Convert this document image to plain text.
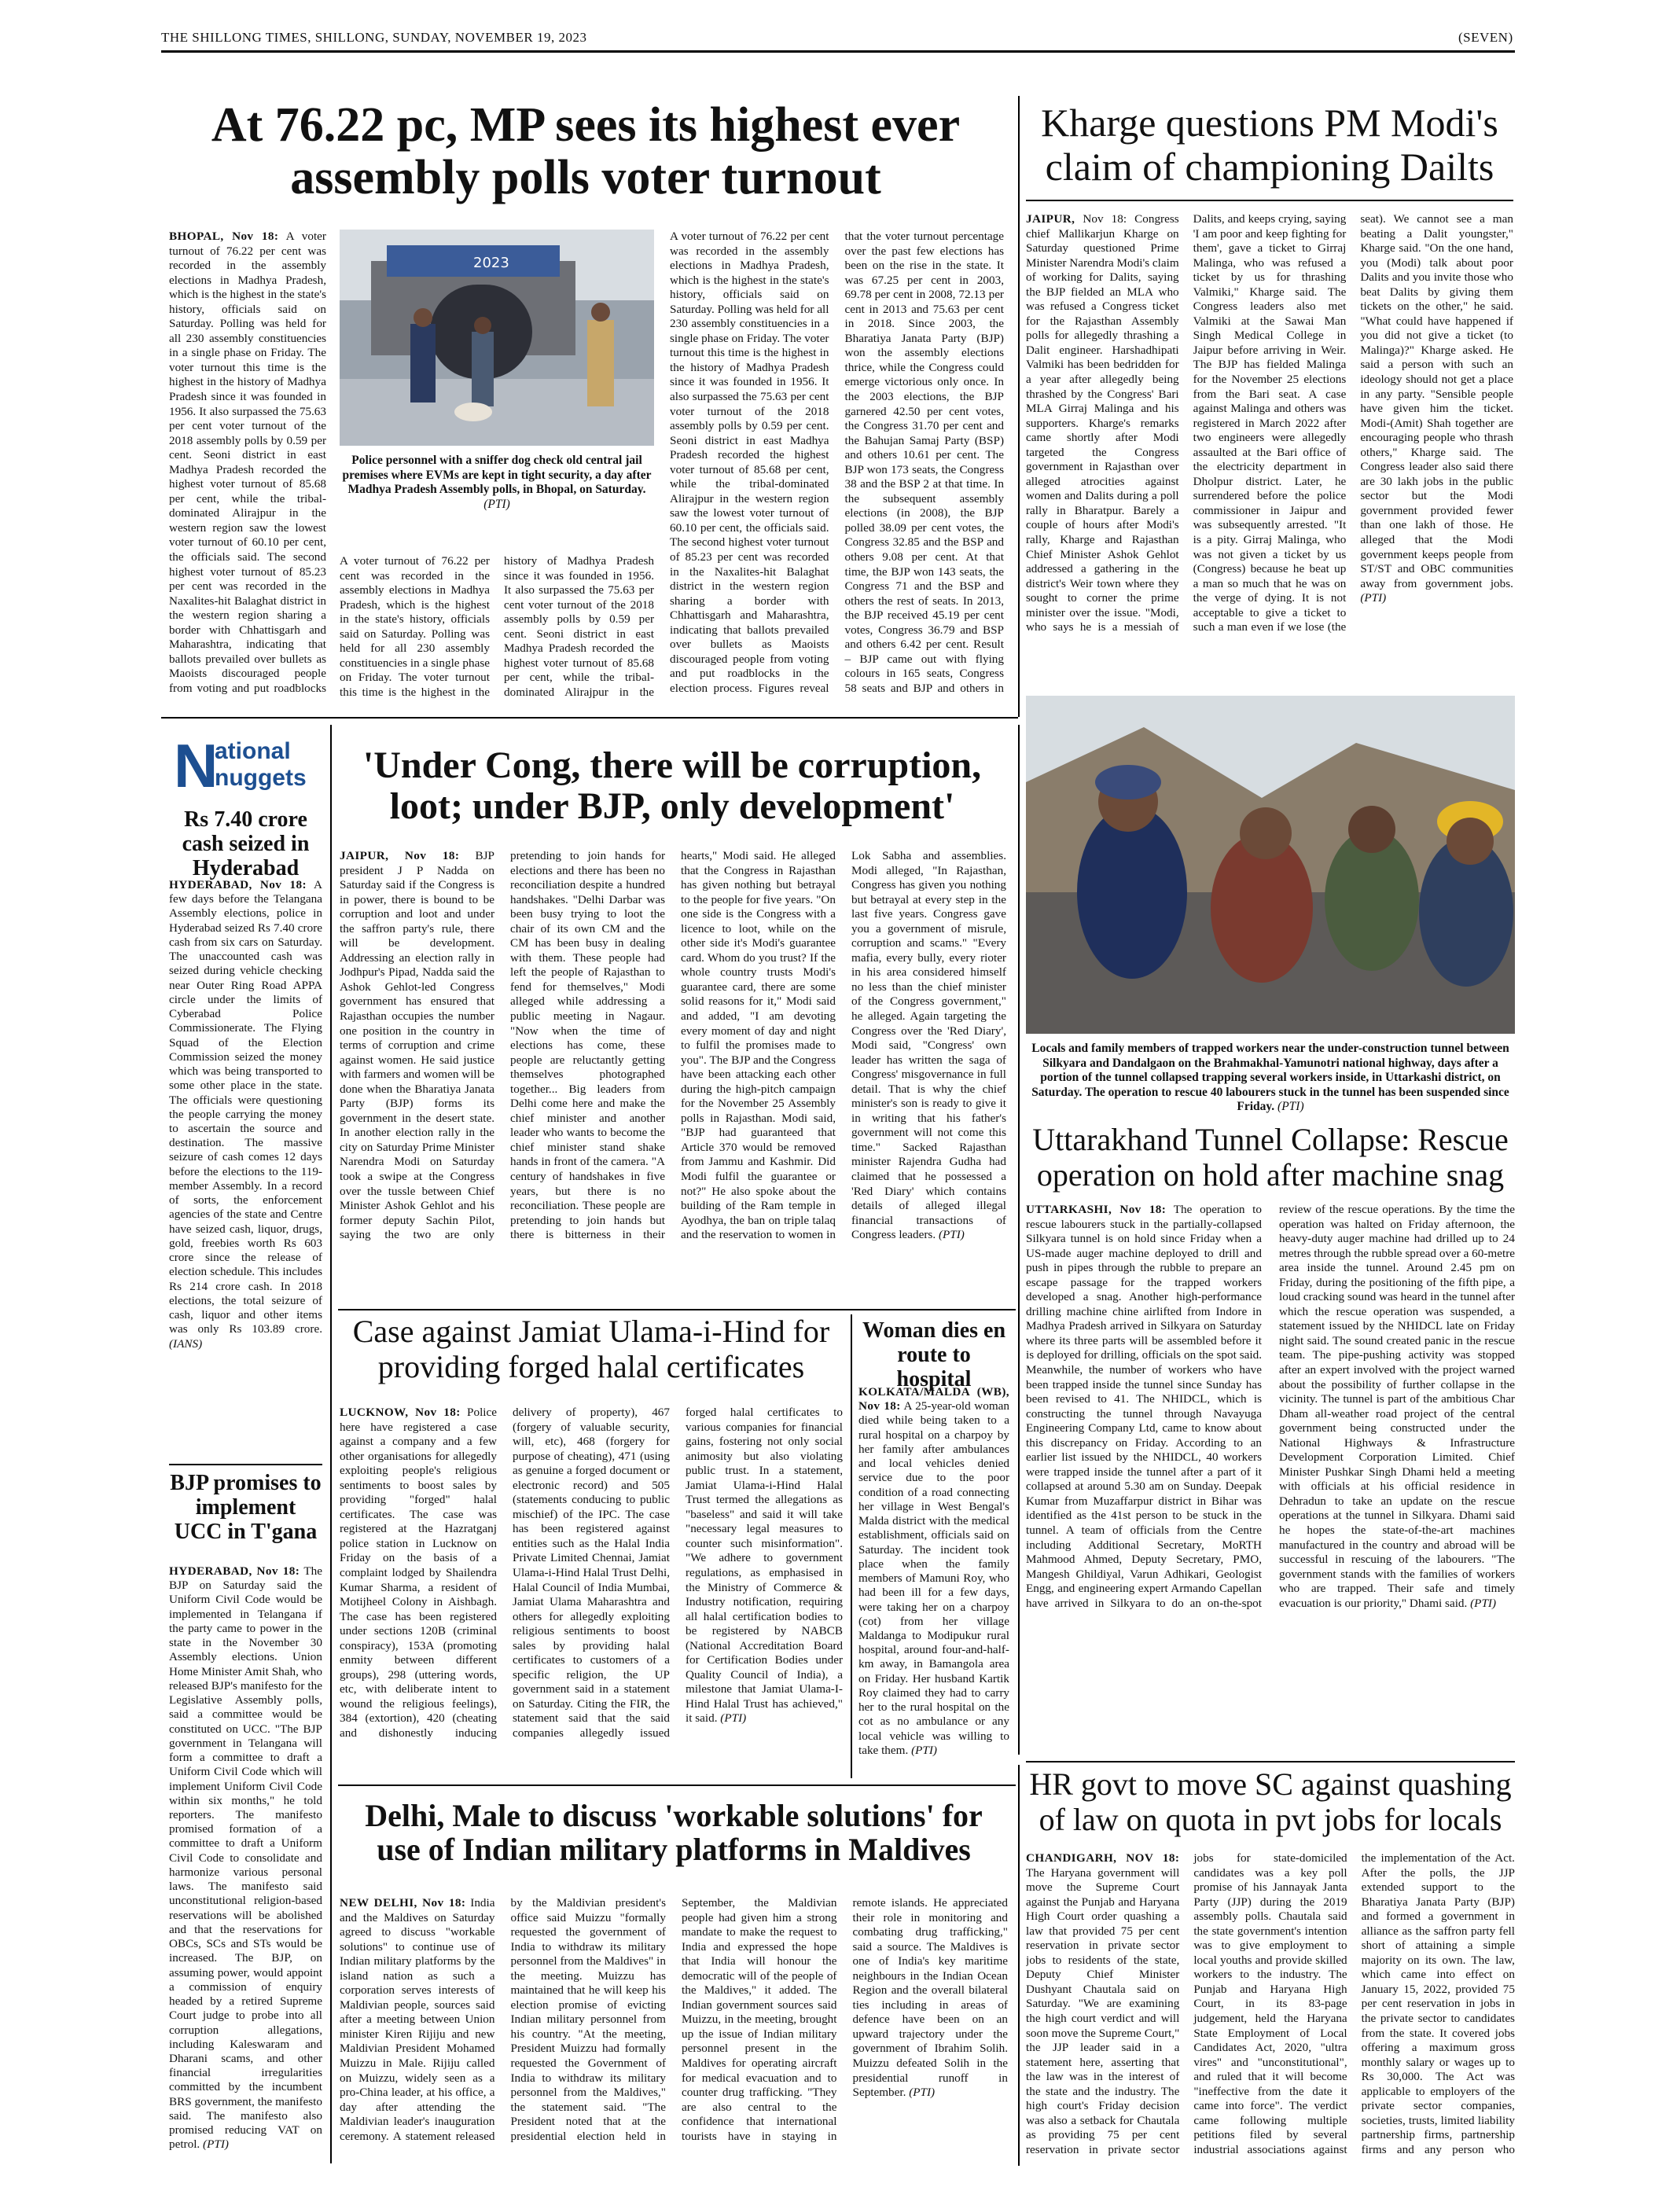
THE SHILLONG TIMES, SHILLONG, SUNDAY, NOVEMBER 19, 2023	(SEVEN)
At 76.22 pc, MP sees its highest ever assembly polls voter turnout
2023
Police personnel with a sniffer dog check old central jail premises where EVMs are kept in tight security, a day after Madhya Pradesh Assembly polls, in Bhopal, on Saturday. (PTI)

BHOPAL, Nov 18: A voter turnout of 76.22 per cent was recorded in the assembly elections in Madhya Pradesh, which is the highest in the state's history, officials said on Saturday. Polling was held for all 230 assembly constituencies in a single phase on Friday. The voter turnout this time is the highest in the history of Madhya Pradesh since it was founded in 1956. It also surpassed the 75.63 per cent voter turnout of the 2018 assembly polls by 0.59 per cent. Seoni district in east Madhya Pradesh recorded the highest voter turnout of 85.68 per cent, while the tribal-dominated Alirajpur in the western region saw the lowest voter turnout of 60.10 per cent, the officials said. The second highest voter turnout of 85.23 per cent was recorded in the Naxalites-hit Balaghat district in the western region sharing a border with Chhattisgarh and Maharashtra, indicating that ballots prevailed over bullets as Maoists discouraged people from voting and put roadblocks

A voter turnout of 76.22 per cent was recorded in the assembly elections in Madhya Pradesh, which is the highest in the state's history, officials said on Saturday. Polling was held for all 230 assembly constituencies in a single phase on Friday. The voter turnout this time is the highest in the history of Madhya Pradesh since it was founded in 1956. It also surpassed the 75.63 per cent voter turnout of the 2018 assembly polls by 0.59 per cent. Seoni district in east Madhya Pradesh recorded the highest voter turnout of 85.68 per cent, while the tribal-dominated Alirajpur in the

A voter turnout of 76.22 per cent was recorded in the assembly elections in Madhya Pradesh, which is the highest in the state's history, officials said on Saturday. Polling was held for all 230 assembly constituencies in a single phase on Friday. The voter turnout this time is the highest in the history of Madhya Pradesh since it was founded in 1956. It also surpassed the 75.63 per cent voter turnout of the 2018 assembly polls by 0.59 per cent. Seoni district in east Madhya Pradesh recorded the highest voter turnout of 85.68 per cent, while the tribal-dominated Alirajpur in the western region saw the lowest voter turnout of 60.10 per cent, the officials said. The second highest voter turnout of 85.23 per cent was recorded in the Naxalites-hit Balaghat district in the western region sharing a border with Chhattisgarh and Maharashtra, indicating that ballots prevailed over bullets as Maoists discouraged people from voting and put roadblocks in the election process. Figures reveal that the voter turnout percentage over the past few elections has been on the rise in the state. It was 67.25 per cent in 2003, 69.78 per cent in 2008, 72.13 per cent in 2013 and 75.63 per cent in 2018. Since 2003, the Bharatiya Janata Party (BJP) won the assembly elections thrice, while the Congress could emerge victorious only once. In the 2003 elections, the BJP garnered 42.50 per cent votes, the Congress 31.70 per cent and the Bahujan Samaj Party (BSP) and others 10.61 per cent. The BJP won 173 seats, the Congress 38 and the BSP 2 at that time. In the subsequent assembly elections (in 2008), the BJP polled 38.09 per cent votes, the Congress 32.85 and the BSP and others 9.08 per cent. At that time, the BJP won 143 seats, the Congress 71 and the BSP and others the rest of seats. In 2013, the BJP received 45.19 per cent votes, Congress 36.79 and BSP and others 6.42 per cent. Result – BJP came out with flying colours in 165 seats, Congress 58 seats and BJP and others in

Kharge questions PM Modi's claim of championing Dailts

JAIPUR, Nov 18: Congress chief Mallikarjun Kharge on Saturday questioned Prime Minister Narendra Modi's claim of working for Dalits, saying the BJP fielded an MLA who was refused a Congress ticket for the Rajasthan Assembly polls for allegedly thrashing a Dalit engineer. Harshadhipati Valmiki has been bedridden for a year after allegedly being thrashed by the Congress' Bari MLA Girraj Malinga and his supporters. Kharge's remarks came shortly after Modi targeted the Congress government in Rajasthan over alleged atrocities against women and Dalits during a poll rally in Bharatpur. Barely a couple of hours after Modi's rally, Kharge and Rajasthan Chief Minister Ashok Gehlot addressed a gathering in the district's Weir town where they sought to corner the prime minister over the issue. "Modi, who says he is a messiah of Dalits, and keeps crying, saying 'I am poor and keep fighting for them', gave a ticket to Girraj Malinga, who was refused a ticket by us for thrashing Valmiki," Kharge said. The Congress leaders also met Valmiki at the Sawai Man Singh Medical College in Jaipur before arriving in Weir. The BJP has fielded Malinga for the November 25 elections from the Bari seat. A case against Malinga and others was registered in March 2022 after two engineers were allegedly assaulted at the Bari office of the electricity department in Dholpur district. Later, he surrendered before the police commissioner in Jaipur and was subsequently arrested. "It is a pity. Girraj Malinga, who was not given a ticket by us (Congress) because he beat up a man so much that he was on the verge of dying. It is not acceptable to give a ticket to such a man even if we lose (the seat). We cannot see a man beating a Dalit youngster," Kharge said. "On the one hand, you (Modi) talk about poor Dalits and you invite those who beat Dalits by giving them tickets on the other," he said. "What could have happened if you did not give a ticket (to Malinga)?" Kharge asked. He said a person with such an ideology should not get a place in any party. "Sensible people have given him the ticket. Modi-(Amit) Shah together are encouraging people who thrash others," Kharge said. The Congress leader also said there are 30 lakh jobs in the public sector but the Modi government provided fewer than one lakh of those. He alleged that the Modi government keeps people from ST/ST and OBC communities away from government jobs. (PTI)

N
ational
nuggets
Rs 7.40 crore cash seized in Hyderabad

HYDERABAD, Nov 18: A few days before the Telangana Assembly elections, police in Hyderabad seized Rs 7.40 crore cash from six cars on Saturday. The unaccounted cash was seized during vehicle checking near Outer Ring Road APPA circle under the limits of Cyberabad Police Commissionerate. The Flying Squad of the Election Commission seized the money which was being transported to some other place in the state. The officials were questioning the people carrying the money to ascertain the source and destination. The massive seizure of cash comes 12 days before the elections to the 119-member Assembly. In a record of sorts, the enforcement agencies of the state and Centre have seized cash, liquor, drugs, gold, freebies worth Rs 603 crore since the release of election schedule. This includes Rs 214 crore cash. In 2018 elections, the total seizure of cash, liquor and other items was only Rs 103.89 crore. (IANS)

BJP promises to implement UCC in T'gana

HYDERABAD, Nov 18: The BJP on Saturday said the Uniform Civil Code would be implemented in Telangana if the party came to power in the state in the November 30 Assembly elections. Union Home Minister Amit Shah, who released BJP's manifesto for the Legislative Assembly polls, said a committee would be constituted on UCC. "The BJP government in Telangana will form a committee to draft a Uniform Civil Code which will implement Uniform Civil Code within six months," he told reporters. The manifesto promised formation of a committee to draft a Uniform Civil Code to consolidate and harmonize various personal laws. The manifesto said unconstitutional religion-based reservations will be abolished and that the reservations for OBCs, SCs and STs would be increased. The BJP, on assuming power, would appoint a commission of enquiry headed by a retired Supreme Court judge to probe into all corruption allegations, including Kaleswaram and Dharani scams, and other financial irregularities committed by the incumbent BRS government, the manifesto said. The manifesto also promised reducing VAT on petrol. (PTI)

'Under Cong, there will be corruption, loot; under BJP, only development'

JAIPUR, Nov 18: BJP president J P Nadda on Saturday said if the Congress is in power, there is bound to be corruption and loot and under the saffron party's rule, there will be development. Addressing an election rally in Jodhpur's Pipad, Nadda said the Ashok Gehlot-led Congress government has ensured that Rajasthan occupies the number one position in the country in terms of corruption and crime against women. He said justice with farmers and women will be done when the Bharatiya Janata Party (BJP) forms its government in the desert state. In another election rally in the city on Saturday Prime Minister Narendra Modi on Saturday took a swipe at the Congress over the tussle between Chief Minister Ashok Gehlot and his former deputy Sachin Pilot, saying the two are only pretending to join hands for elections and there has been no reconciliation despite a hundred handshakes. "Delhi Darbar was been busy trying to loot the chair of its own CM and the CM has been busy in dealing with them. These people had left the people of Rajasthan to fend for themselves," Modi alleged while addressing a public meeting in Nagaur. "Now when the time of elections has come, these people are reluctantly getting themselves photographed together... Big leaders from Delhi come here and make the chief minister and another leader who wants to become the chief minister stand shake hands in front of the camera. "A century of handshakes in five years, but there is no reconciliation. These people are pretending to join hands but there is bitterness in their hearts," Modi said. He alleged that the Congress in Rajasthan has given nothing but betrayal to the people for five years. "On one side is the Congress with a licence to loot, while on the other side it's Modi's guarantee card. Whom do you trust? If the whole country trusts Modi's guarantee card, there are some solid reasons for it," Modi said and added, "I am devoting every moment of day and night to fulfil the promises made to you". The BJP and the Congress have been attacking each other during the high-pitch campaign for the November 25 Assembly polls in Rajasthan. Modi said, "BJP had guaranteed that Article 370 would be removed from Jammu and Kashmir. Did Modi fulfil the guarantee or not?" He also spoke about the building of the Ram temple in Ayodhya, the ban on triple talaq and the reservation to women in Lok Sabha and assemblies. Modi alleged, "In Rajasthan, Congress has given you nothing but betrayal at every step in the last five years. Congress gave you a government of misrule, corruption and scams." "Every mafia, every bully, every rioter in his area considered himself no less than the chief minister of the Congress government," he alleged. Again targeting the Congress over the 'Red Diary', Modi said, "Congress' own leader has written the saga of Congress' misgovernance in full detail. That is why the chief minister's son is ready to give it in writing that his father's government will not come this time." Sacked Rajasthan minister Rajendra Gudha had claimed that he possessed a 'Red Diary' which contains details of alleged illegal financial transactions of Congress leaders. (PTI)

Locals and family members of trapped workers near the under-construction tunnel between Silkyara and Dandalgaon on the Brahmakhal-Yamunotri national highway, days after a portion of the tunnel collapsed trapping several workers inside, in Uttarkashi district, on Saturday. The operation to rescue 40 labourers stuck in the tunnel has been suspended since Friday. (PTI)
Uttarakhand Tunnel Collapse: Rescue operation on hold after machine snag

UTTARKASHI, Nov 18: The operation to rescue labourers stuck in the partially-collapsed Silkyara tunnel is on hold since Friday when a US-made auger machine deployed to drill and push in pipes through the rubble to prepare an escape passage for the trapped workers developed a snag. Another high-performance drilling machine chine airlifted from Indore in Madhya Pradesh arrived in Silkyara on Saturday where its three parts will be assembled before it is deployed for drilling, officials on the spot said. Meanwhile, the number of workers who have been trapped inside the tunnel since Sunday has been revised to 41. The NHIDCL, which is constructing the tunnel through Navayuga Engineering Company Ltd, came to know about this discrepancy on Friday. According to an earlier list issued by the NHIDCL, 40 workers were trapped inside the tunnel after a part of it collapsed at around 5.30 am on Sunday. Deepak Kumar from Muzaffarpur district in Bihar was identified as the 41st person to be stuck in the tunnel. A team of officials from the Centre including Additional Secretary, MoRTH Mahmood Ahmed, Deputy Secretary, PMO, Mangesh Ghildiyal, Varun Adhikari, Geologist Engg, and engineering expert Armando Capellan have arrived in Silkyara to do an on-the-spot review of the rescue operations. By the time the operation was halted on Friday afternoon, the heavy-duty auger machine had drilled up to 24 metres through the rubble spread over a 60-metre area inside the tunnel. Around 2.45 pm on Friday, during the positioning of the fifth pipe, a loud cracking sound was heard in the tunnel after which the rescue operation was suspended, a statement issued by the NHIDCL late on Friday night said. The sound created panic in the rescue team. The pipe-pushing activity was stopped after an expert involved with the project warned about the possibility of further collapse in the vicinity. The tunnel is part of the ambitious Char Dham all-weather road project of the central government being constructed under the National Highways & Infrastructure Development Corporation Limited. Chief Minister Pushkar Singh Dhami held a meeting with officials at his official residence in Dehradun to take an update on the rescue operations at the tunnel in Silkyara. Dhami said he hopes the state-of-the-art machines manufactured in the country and abroad will be successful in rescuing of the labourers. "The government stands with the families of workers who are trapped. Their safe and timely evacuation is our priority," Dhami said. (PTI)

Case against Jamiat Ulama-i-Hind for providing forged halal certificates

LUCKNOW, Nov 18: Police here have registered a case against a company and a few other organisations for allegedly exploiting people's religious sentiments to boost sales by providing "forged" halal certificates. The case was registered at the Hazratganj police station in Lucknow on Friday on the basis of a complaint lodged by Shailendra Kumar Sharma, a resident of Motijheel Colony in Aishbagh. The case has been registered under sections 120B (criminal conspiracy), 153A (promoting enmity between different groups), 298 (uttering words, etc, with deliberate intent to wound the religious feelings), 384 (extortion), 420 (cheating and dishonestly inducing delivery of property), 467 (forgery of valuable security, will, etc), 468 (forgery for purpose of cheating), 471 (using as genuine a forged document or electronic record) and 505 (statements conducing to public mischief) of the IPC. The case has been registered against entities such as the Halal India Private Limited Chennai, Jamiat Ulama-i-Hind Halal Trust Delhi, Halal Council of India Mumbai, Jamiat Ulama Maharashtra and others for allegedly exploiting religious sentiments to boost sales by providing halal certificates to customers of a specific religion, the UP government said in a statement on Saturday. Citing the FIR, the statement said that the said companies allegedly issued forged halal certificates to various companies for financial gains, fostering not only social animosity but also violating public trust. In a statement, Jamiat Ulama-i-Hind Halal Trust termed the allegations as "baseless" and said it will take "necessary legal measures to counter such misinformation". "We adhere to government regulations, as emphasised in the Ministry of Commerce & Industry notification, requiring all halal certification bodies to be registered by NABCB (National Accreditation Board for Certification Bodies under Quality Council of India), a milestone that Jamiat Ulama-I-Hind Halal Trust has achieved," it said. (PTI)

Woman dies en route to hospital

KOLKATA/MALDA (WB), Nov 18: A 25-year-old woman died while being taken to a rural hospital on a charpoy by her family after ambulances and local vehicles denied service due to the poor condition of a road connecting her village in West Bengal's Malda district with the medical establishment, officials said on Saturday. The incident took place when the family members of Mamuni Roy, who had been ill for a few days, were taking her on a charpoy (cot) from her village Maldanga to Modipukur rural hospital, around four-and-half-km away, in Bamangola area on Friday. Her husband Kartik Roy claimed they had to carry her to the rural hospital on the cot as no ambulance or any local vehicle was willing to take them. (PTI)

Delhi, Male to discuss 'workable solutions' for use of Indian military platforms in Maldives

NEW DELHI, Nov 18: India and the Maldives on Saturday agreed to discuss "workable solutions" to continue use of Indian military platforms by the island nation as such a corporation serves interests of Maldivian people, sources said after a meeting between Union minister Kiren Rijiju and new Maldivian President Mohamed Muizzu in Male. Rijiju called on Muizzu, widely seen as a pro-China leader, at his office, a day after attending the Maldivian leader's inauguration ceremony. A statement released by the Maldivian president's office said Muizzu "formally requested the government of India to withdraw its military personnel from the Maldives" in the meeting. Muizzu has maintained that he will keep his election promise of evicting Indian military personnel from his country. "At the meeting, President Muizzu had formally requested the Government of India to withdraw its military personnel from the Maldives," the statement said. "The President noted that at the presidential election held in September, the Maldivian people had given him a strong mandate to make the request to India and expressed the hope that India will honour the democratic will of the people of the Maldives," it added. The Indian government sources said Muizzu, in the meeting, brought up the issue of Indian military personnel present in the Maldives for operating aircraft for medical evacuation and to counter drug trafficking. "They are also central to the confidence that international tourists have in staying in remote islands. He appreciated their role in monitoring and combating drug trafficking," said a source. The Maldives is one of India's key maritime neighbours in the Indian Ocean Region and the overall bilateral ties including in areas of defence have been on an upward trajectory under the government of Ibrahim Solih. Muizzu defeated Solih in the presidential runoff in September. (PTI)

HR govt to move SC against quashing of law on quota in pvt jobs for locals

CHANDIGARH, NOV 18: The Haryana government will move the Supreme Court against the Punjab and Haryana High Court order quashing a law that provided 75 per cent reservation in private sector jobs to residents of the state, Deputy Chief Minister Dushyant Chautala said on Saturday. "We are examining the high court verdict and will soon move the Supreme Court," the JJP leader said in a statement here, asserting that the law was in the interest of the state and the industry. The high court's Friday decision was also a setback for Chautala as providing 75 per cent reservation in private sector jobs for state-domiciled candidates was a key poll promise of his Jannayak Janta Party (JJP) during the 2019 assembly polls. Chautala said the state government's intention was to give employment to local youths and provide skilled workers to the industry. The Punjab and Haryana High Court, in its 83-page judgement, held the Haryana State Employment of Local Candidates Act, 2020, "ultra vires" and "unconstitutional", and ruled that it will become "ineffective from the date it came into force". The verdict came following multiple petitions filed by several industrial associations against the implementation of the Act. After the polls, the JJP extended support to the Bharatiya Janata Party (BJP) and formed a government in alliance as the saffron party fell short of attaining a simple majority on its own. The law, which came into effect on January 15, 2022, provided 75 per cent reservation in jobs in the private sector to candidates from the state. It covered jobs offering a maximum gross monthly salary or wages up to Rs 30,000. The Act was applicable to employers of the private sector companies, societies, trusts, limited liability partnership firms, partnership firms and any person who
